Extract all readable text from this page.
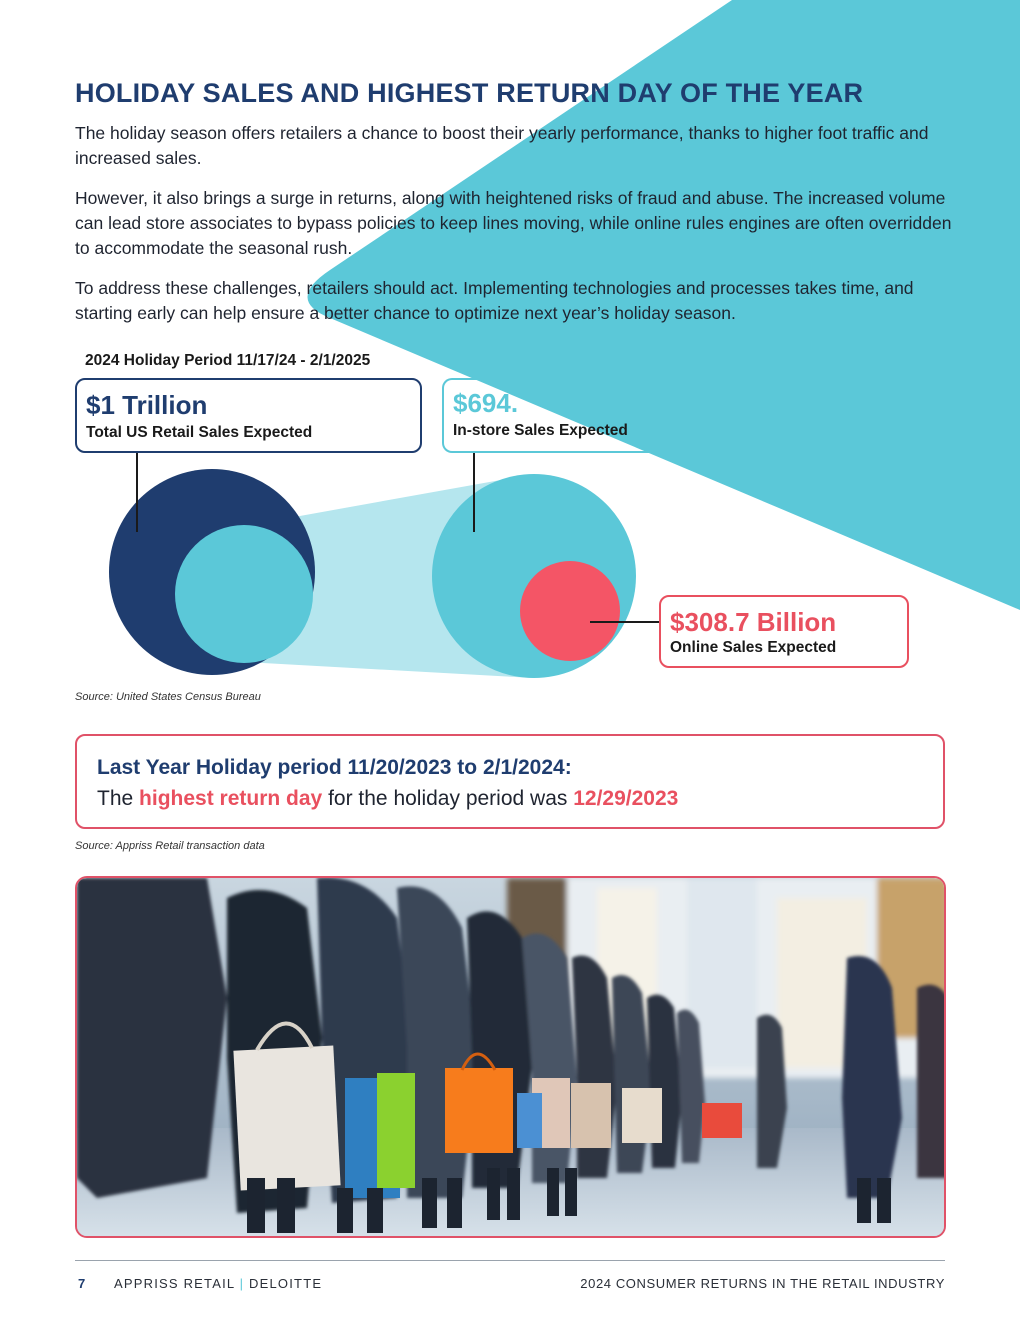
HOLIDAY SALES AND HIGHEST RETURN DAY OF THE YEAR

The holiday season offers retailers a chance to boost their yearly performance, thanks to higher foot traffic and increased sales.

However, it also brings a surge in returns, along with heightened risks of fraud and abuse. The increased volume can lead store associates to bypass policies to keep lines moving, while online rules engines are often overridden to accommodate the seasonal rush.

To address these challenges, retailers should act. Implementing technologies and processes takes time, and starting early can help ensure a better chance to optimize next year’s holiday season.

2024 Holiday Period 11/17/24 - 2/1/2025
$1 Trillion
Total US Retail Sales Expected
$694.
In-store Sales Expected
$308.7 Billion
Online Sales Expected
Source: United States Census Bureau
Last Year Holiday period 11/20/2023 to 2/1/2024:
The highest return day for the holiday period was 12/29/2023
Source: Appriss Retail transaction data
7 APPRISS RETAIL | DELOITTE	2024 CONSUMER RETURNS IN THE RETAIL INDUSTRY
